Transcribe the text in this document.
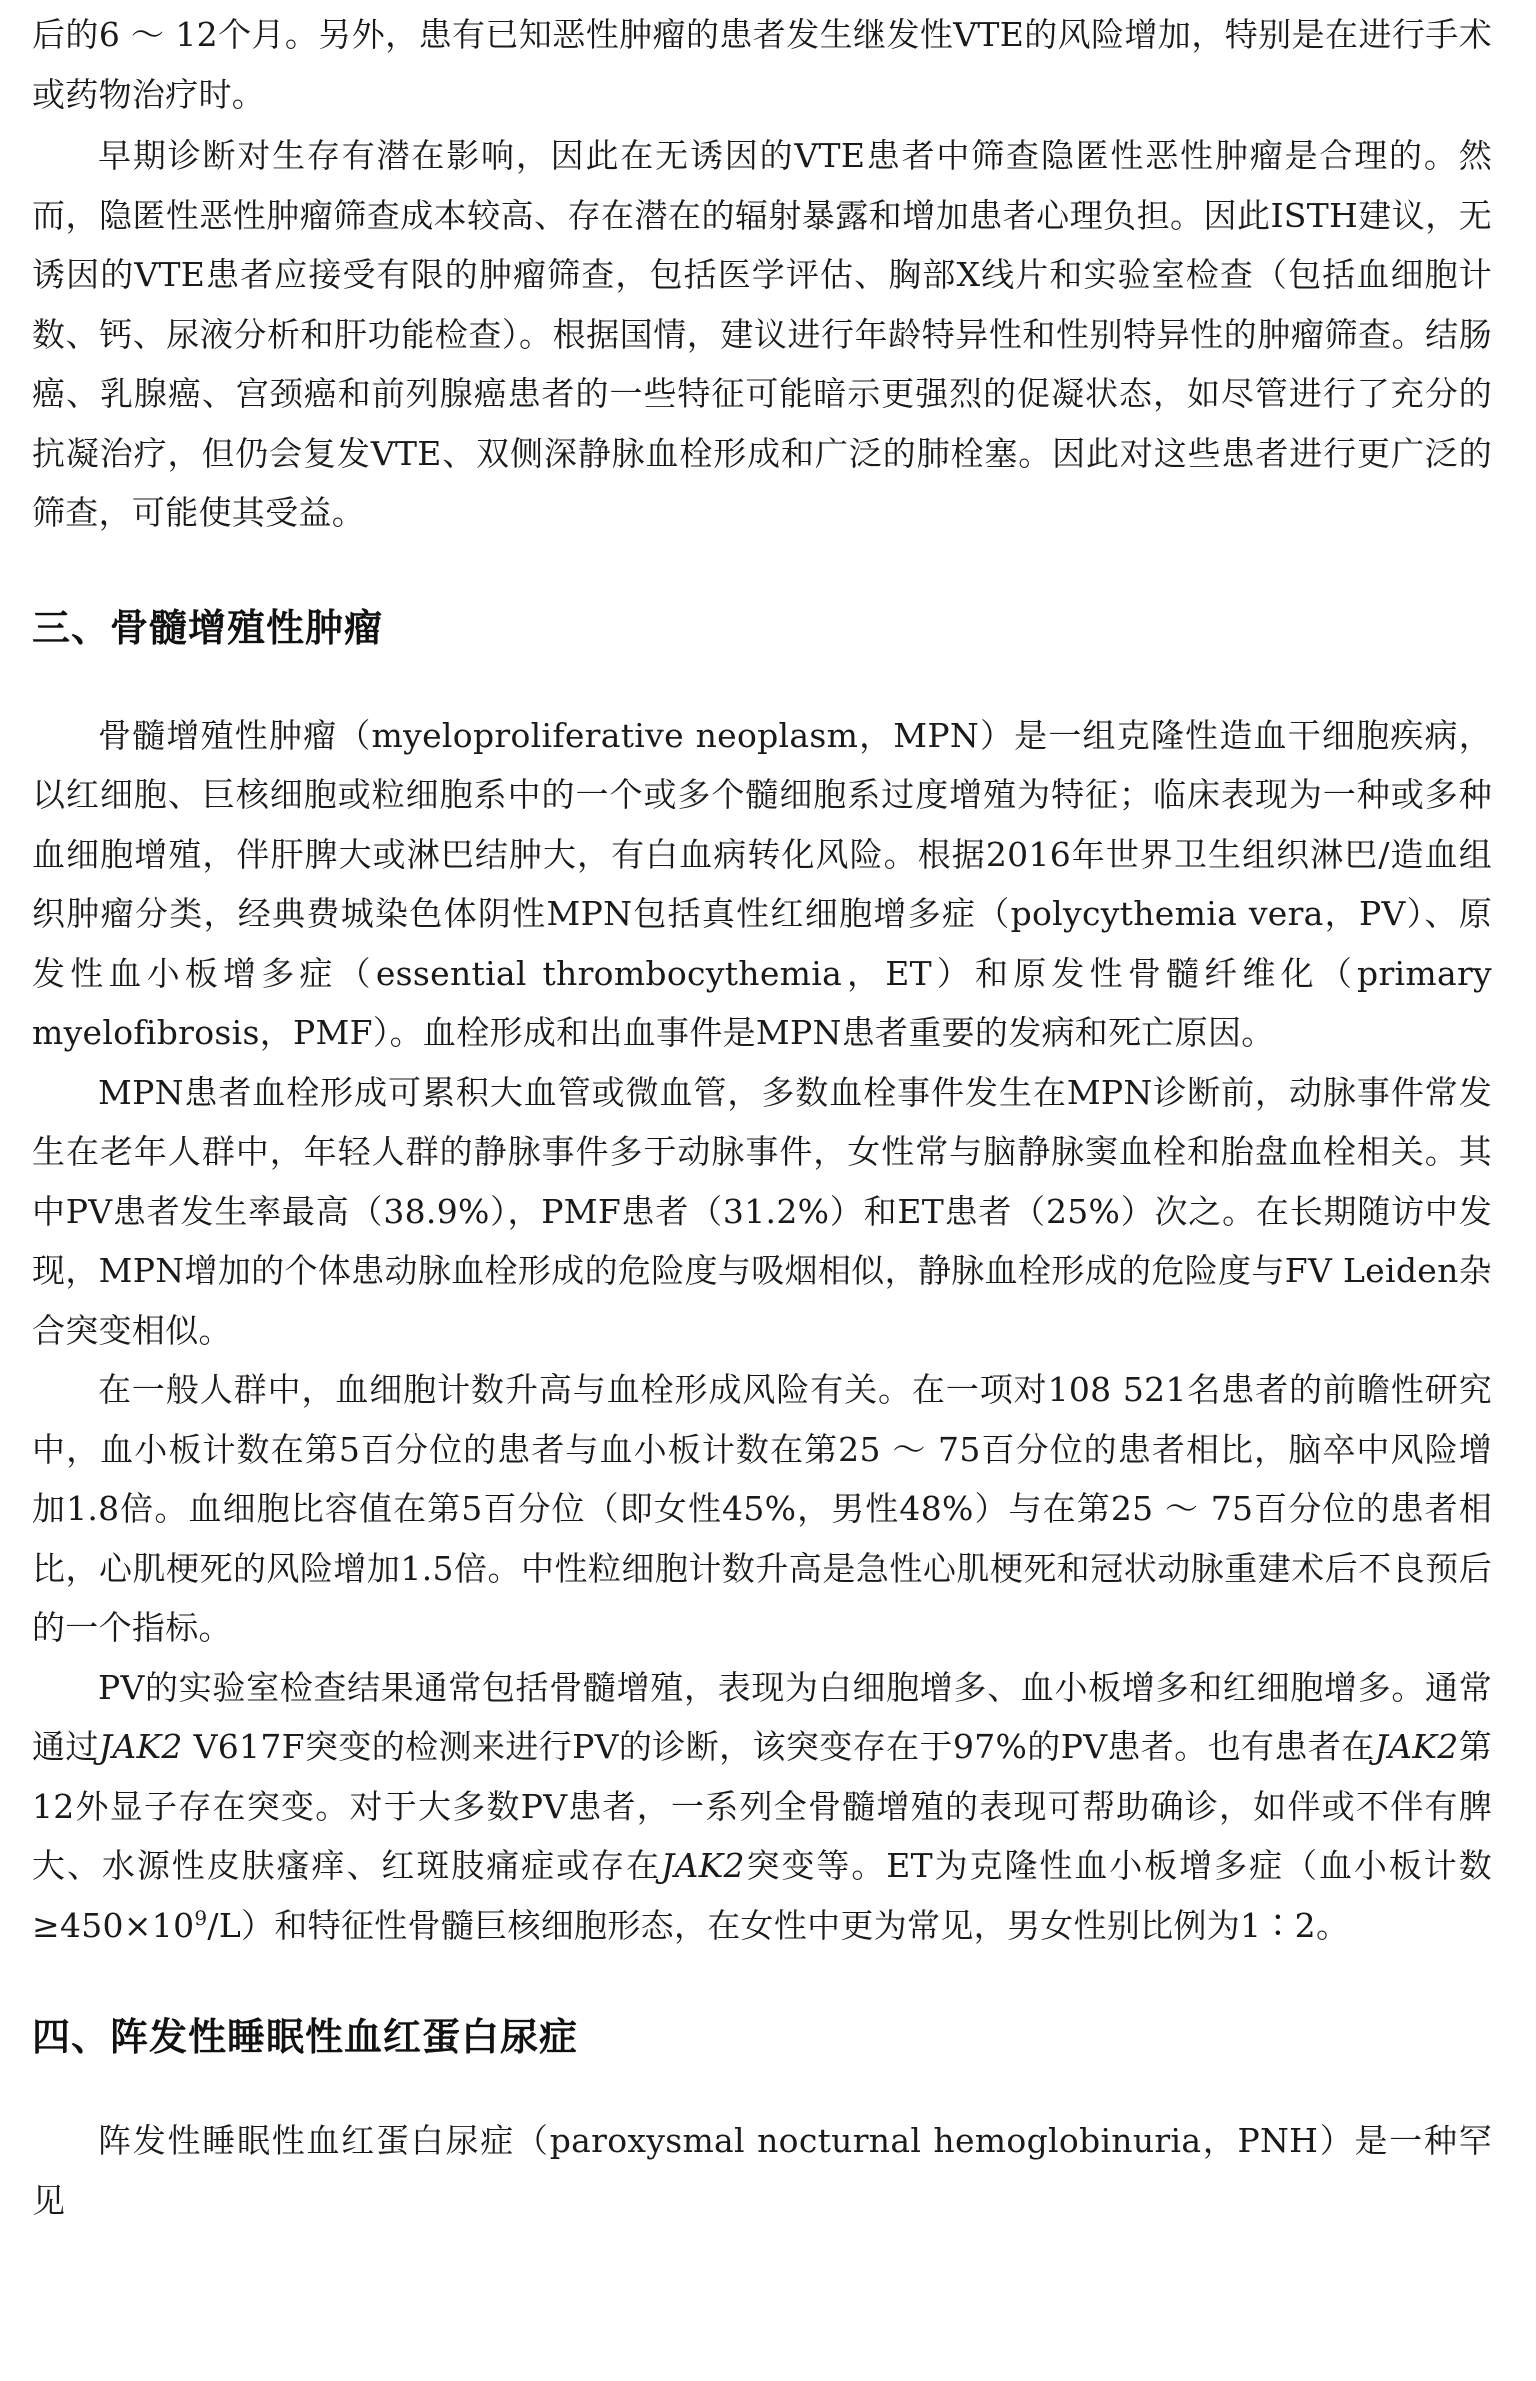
后的6 ～ 12个月。另外，患有已知恶性肿瘤的患者发生继发性VTE的风险增加，特别是在进行手术或药物治疗时。

早期诊断对生存有潜在影响，因此在无诱因的VTE患者中筛查隐匿性恶性肿瘤是合理的。然而，隐匿性恶性肿瘤筛查成本较高、存在潜在的辐射暴露和增加患者心理负担。因此ISTH建议，无诱因的VTE患者应接受有限的肿瘤筛查，包括医学评估、胸部X线片和实验室检查（包括血细胞计数、钙、尿液分析和肝功能检查）。根据国情，建议进行年龄特异性和性别特异性的肿瘤筛查。结肠癌、乳腺癌、宫颈癌和前列腺癌患者的一些特征可能暗示更强烈的促凝状态，如尽管进行了充分的抗凝治疗，但仍会复发VTE、双侧深静脉血栓形成和广泛的肺栓塞。因此对这些患者进行更广泛的筛查，可能使其受益。

三、骨髓增殖性肿瘤

骨髓增殖性肿瘤（myeloproliferative neoplasm，MPN）是一组克隆性造血干细胞疾病，以红细胞、巨核细胞或粒细胞系中的一个或多个髓细胞系过度增殖为特征；临床表现为一种或多种血细胞增殖，伴肝脾大或淋巴结肿大，有白血病转化风险。根据2016年世界卫生组织淋巴/造血组织肿瘤分类，经典费城染色体阴性MPN包括真性红细胞增多症（polycythemia vera，PV）、原发性血小板增多症（essential thrombocythemia，ET）和原发性骨髓纤维化（primary myelofibrosis，PMF）。血栓形成和出血事件是MPN患者重要的发病和死亡原因。

MPN患者血栓形成可累积大血管或微血管，多数血栓事件发生在MPN诊断前，动脉事件常发生在老年人群中，年轻人群的静脉事件多于动脉事件，女性常与脑静脉窦血栓和胎盘血栓相关。其中PV患者发生率最高（38.9%），PMF患者（31.2%）和ET患者（25%）次之。在长期随访中发现，MPN增加的个体患动脉血栓形成的危险度与吸烟相似，静脉血栓形成的危险度与FⅤ Leiden杂合突变相似。

在一般人群中，血细胞计数升高与血栓形成风险有关。在一项对108 521名患者的前瞻性研究中，血小板计数在第5百分位的患者与血小板计数在第25 ～ 75百分位的患者相比，脑卒中风险增加1.8倍。血细胞比容值在第5百分位（即女性45%，男性48%）与在第25 ～ 75百分位的患者相比，心肌梗死的风险增加1.5倍。中性粒细胞计数升高是急性心肌梗死和冠状动脉重建术后不良预后的一个指标。

PV的实验室检查结果通常包括骨髓增殖，表现为白细胞增多、血小板增多和红细胞增多。通常通过JAK2 V617F突变的检测来进行PV的诊断，该突变存在于97%的PV患者。也有患者在JAK2第12外显子存在突变。对于大多数PV患者，一系列全骨髓增殖的表现可帮助确诊，如伴或不伴有脾大、水源性皮肤瘙痒、红斑肢痛症或存在JAK2突变等。ET为克隆性血小板增多症（血小板计数$\ge 450\times 10^9/L$）和特征性骨髓巨核细胞形态，在女性中更为常见，男女性别比例为1∶2。

四、阵发性睡眠性血红蛋白尿症

阵发性睡眠性血红蛋白尿症（paroxysmal nocturnal hemoglobinuria，PNH）是一种罕见
